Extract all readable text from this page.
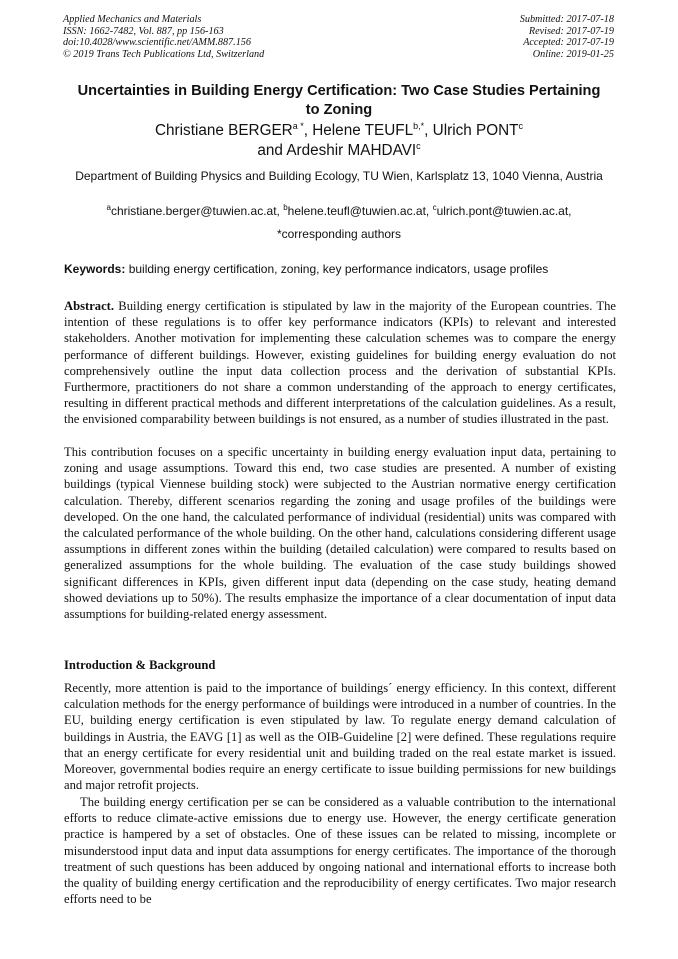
Applied Mechanics and Materials
ISSN: 1662-7482, Vol. 887, pp 156-163
doi:10.4028/www.scientific.net/AMM.887.156
© 2019 Trans Tech Publications Ltd, Switzerland
Submitted: 2017-07-18
Revised: 2017-07-19
Accepted: 2017-07-19
Online: 2019-01-25
Uncertainties in Building Energy Certification: Two Case Studies Pertaining to Zoning
Christiane $BERGER^{a *}$, Helene $TEUFL^{b,*}$, Ulrich PONT$^c$
and Ardeshir MAHDAVI$^c$
Department of Building Physics and Building Ecology, TU Wien, Karlsplatz 13, 1040 Vienna, Austria
$^a$christiane.berger@tuwien.ac.at, $^b$helene.teufl@tuwien.ac.at, $^c$ulrich.pont@tuwien.ac.at,
*corresponding authors
Keywords: building energy certification, zoning, key performance indicators, usage profiles

Abstract. Building energy certification is stipulated by law in the majority of the European countries. The intention of these regulations is to offer key performance indicators (KPIs) to relevant and interested stakeholders. Another motivation for implementing these calculation schemes was to compare the energy performance of different buildings. However, existing guidelines for building energy evaluation do not comprehensively outline the input data collection process and the derivation of substantial KPIs. Furthermore, practitioners do not share a common understanding of the approach to energy certificates, resulting in different practical methods and different interpretations of the calculation guidelines. As a result, the envisioned comparability between buildings is not ensured, as a number of studies illustrated in the past.

This contribution focuses on a specific uncertainty in building energy evaluation input data, pertaining to zoning and usage assumptions. Toward this end, two case studies are presented. A number of existing buildings (typical Viennese building stock) were subjected to the Austrian normative energy certification calculation. Thereby, different scenarios regarding the zoning and usage profiles of the buildings were developed. On the one hand, the calculated performance of individual (residential) units was compared with the calculated performance of the whole building. On the other hand, calculations considering different usage assumptions in different zones within the building (detailed calculation) were compared to results based on generalized assumptions for the whole building. The evaluation of the case study buildings showed significant differences in KPIs, given different input data (depending on the case study, heating demand showed deviations up to 50%). The results emphasize the importance of a clear documentation of input data assumptions for building-related energy assessment.

Introduction & Background

Recently, more attention is paid to the importance of buildings´ energy efficiency. In this context, different calculation methods for the energy performance of buildings were introduced in a number of countries. In the EU, building energy certification is even stipulated by law. To regulate energy demand calculation of buildings in Austria, the EAVG [1] as well as the OIB-Guideline [2] were defined. These regulations require that an energy certificate for every residential unit and building traded on the real estate market is issued. Moreover, governmental bodies require an energy certificate to issue building permissions for new buildings and major retrofit projects.

The building energy certification per se can be considered as a valuable contribution to the international efforts to reduce climate-active emissions due to energy use. However, the energy certificate generation practice is hampered by a set of obstacles. One of these issues can be related to missing, incomplete or misunderstood input data and input data assumptions for energy certificates. The importance of the thorough treatment of such questions has been adduced by ongoing national and international efforts to increase both the quality of building energy certification and the reproducibility of energy certificates. Two major research efforts need to be
